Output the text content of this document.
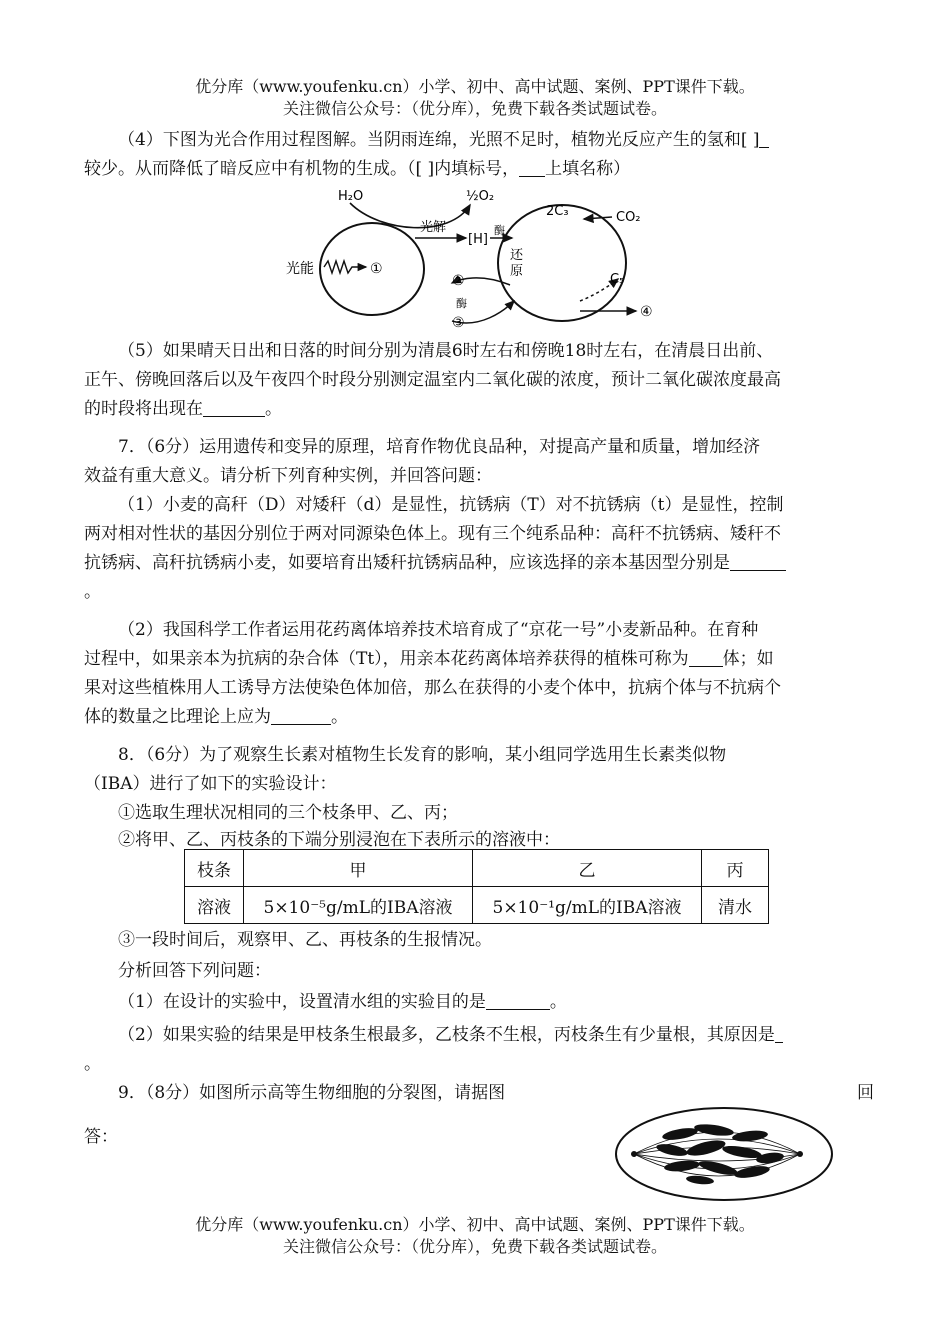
优分库（www.youfenku.cn）小学、初中、高中试题、案例、PPT课件下载。
关注微信公众号：（优分库），免费下载各类试题试卷。
（4）下图为光合作用过程图解。当阴雨连绵，光照不足时，植物光反应产生的氢和[ ]
较少。从而降低了暗反应中有机物的生成。（[ ]内填标号， 上填名称）
H₂O	½O₂
光解
[H]
酶
2C₃	CO₂
光能	①
②
酶
③
还
原
C₅
④
（5）如果晴天日出和日落的时间分别为清晨6时左右和傍晚18时左右，在清晨日出前、
正午、傍晚回落后以及午夜四个时段分别测定温室内二氧化碳的浓度，预计二氧化碳浓度最高
的时段将出现在	。
7．（6分）运用遗传和变异的原理，培育作物优良品种，对提高产量和质量，增加经济
效益有重大意义。请分析下列育种实例，并回答问题：
（1）小麦的高秆（D）对矮秆（d）是显性，抗锈病（T）对不抗锈病（t）是显性，控制
两对相对性状的基因分别位于两对同源染色体上。现有三个纯系品种：高秆不抗锈病、矮秆不
抗锈病、高秆抗锈病小麦，如要培育出矮秆抗锈病品种，应该选择的亲本基因型分别是
。
（2）我国科学工作者运用花药离体培养技术培育成了“京花一号”小麦新品种。在育种
过程中，如果亲本为抗病的杂合体（Tt），用亲本花药离体培养获得的植株可称为 体；如
果对这些植株用人工诱导方法使染色体加倍，那么在获得的小麦个体中，抗病个体与不抗病个
体的数量之比理论上应为	。
8．（6分）为了观察生长素对植物生长发育的影响，某小组同学选用生长素类似物
（IBA）进行了如下的实验设计：
①选取生理状况相同的三个枝条甲、乙、丙；
②将甲、乙、丙枝条的下端分别浸泡在下表所示的溶液中：
枝条	甲	乙	丙
溶液	5×10⁻⁵g/mL的IBA溶液	5×10⁻¹g/mL的IBA溶液	清水
③一段时间后，观察甲、乙、再枝条的生报情况。
分析回答下列问题：
（1）在设计的实验中，设置清水组的实验目的是	。
（2）如果实验的结果是甲枝条生根最多，乙枝条不生根，丙枝条生有少量根，其原因是
。
9．（8分）如图所示高等生物细胞的分裂图，请据图	回
答：
优分库（www.youfenku.cn）小学、初中、高中试题、案例、PPT课件下载。
关注微信公众号：（优分库），免费下载各类试题试卷。
